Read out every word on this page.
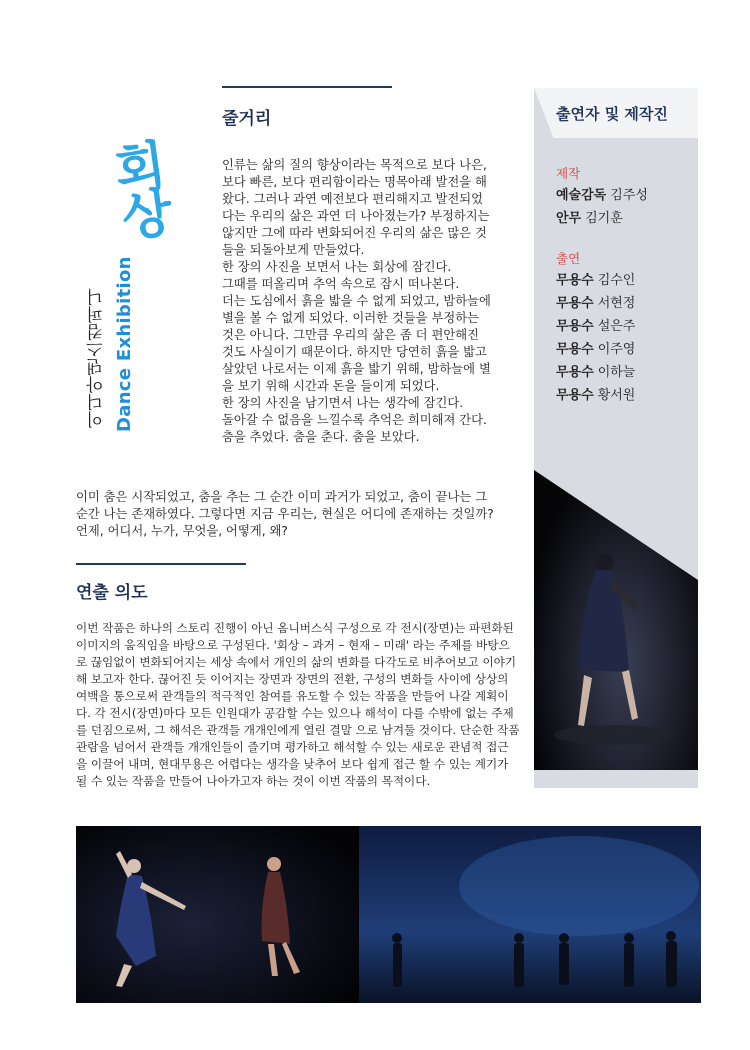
이디아댄스컴퍼니 Dance Exhibition
회상
줄거리
인류는 삶의 질의 향상이라는 목적으로 보다 나은,
보다 빠른, 보다 편리함이라는 명목아래 발전을 해
왔다. 그러나 과연 예전보다 편리해지고 발전되었
다는 우리의 삶은 과연 더 나아졌는가? 부정하지는
않지만 그에 따라 변화되어진 우리의 삶은 많은 것
들을 되돌아보게 만들었다.
한 장의 사진을 보면서 나는 회상에 잠긴다.
그때를 떠올리며 추억 속으로 잠시 떠나본다.
더는 도심에서 흙을 밟을 수 없게 되었고, 밤하늘에
별을 볼 수 없게 되었다. 이러한 것들을 부정하는
것은 아니다. 그만큼 우리의 삶은 좀 더 편안해진
것도 사실이기 때문이다. 하지만 당연히 흙을 밟고
살았던 나로서는 이제 흙을 밟기 위해, 밤하늘에 별
을 보기 위해 시간과 돈을 들이게 되었다.
한 장의 사진을 남기면서 나는 생각에 잠긴다.
돌아갈 수 없음을 느낄수록 추억은 희미해져 간다.
춤을 추었다. 춤을 춘다. 춤을 보았다.
이미 춤은 시작되었고, 춤을 추는 그 순간 이미 과거가 되었고, 춤이 끝나는 그
순간 나는 존재하였다. 그렇다면 지금 우리는, 현실은 어디에 존재하는 것일까?
언제, 어디서, 누가, 무엇을, 어떻게, 왜?
연출 의도
이번 작품은 하나의 스토리 진행이 아닌 옴니버스식 구성으로 각 전시(장면)는 파편화된
이미지의 움직임을 바탕으로 구성된다. '회상 – 과거 – 현재 – 미래' 라는 주제를 바탕으
로 끊임없이 변화되어지는 세상 속에서 개인의 삶의 변화를 다각도로 비추어보고 이야기
해 보고자 한다. 끊어진 듯 이어지는 장면과 장면의 전환, 구성의 변화들 사이에 상상의
여백을 통으로써 관객들의 적극적인 참여를 유도할 수 있는 작품을 만들어 나갈 계획이
다. 각 전시(장면)마다 모든 인원대가 공감할 수는 있으나 해석이 다를 수밖에 없는 주제
를 던짐으로써, 그 해석은 관객들 개개인에게 열린 결말 으로 남겨둘 것이다. 단순한 작품
관람을 넘어서 관객들 개개인들이 즐기며 평가하고 해석할 수 있는 새로운 관념적 접근
을 이끌어 내며, 현대무용은 어렵다는 생각을 낮추어 보다 쉽게 접근 할 수 있는 계기가
될 수 있는 작품을 만들어 나아가고자 하는 것이 이번 작품의 목적이다.
출연자 및 제작진
제작
예술감독 김주성
안무 김기훈
출연
무용수 김수인
무용수 서현정
무용수 설은주
무용수 이주영
무용수 이하늘
무용수 황서원
